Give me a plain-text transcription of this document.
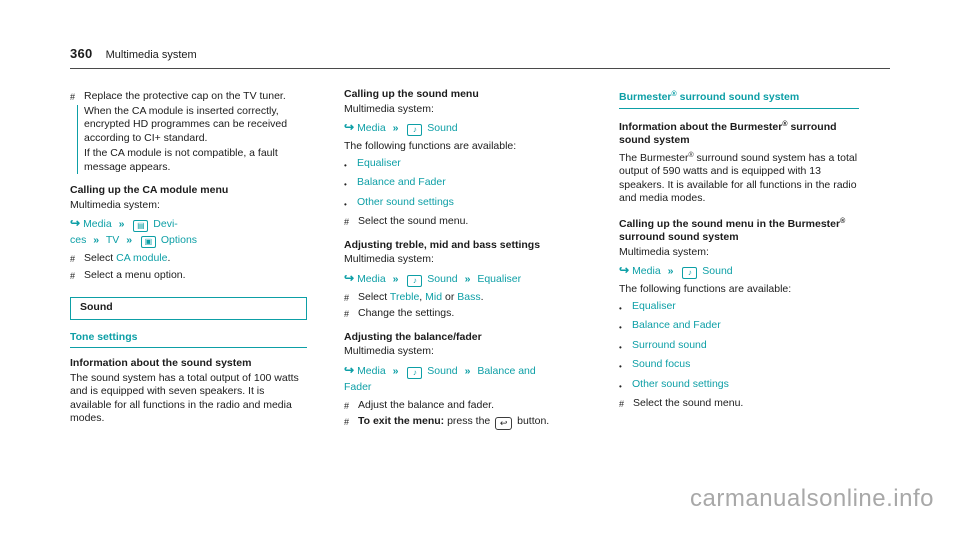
360 Multimedia system
# Replace the protective cap on the TV tuner.
When the CA module is inserted correctly, encrypted HD programmes can be received according to CI+ standard.
If the CA module is not compatible, a fault message appears.
Calling up the CA module menu
Multimedia system:
↪ Media » ▤ Devi-
ces » TV » ▣ Options
# Select CA module.
# Select a menu option.
Sound
Tone settings
Information about the sound system
The sound system has a total output of 100 watts and is equipped with seven speakers. It is available for all functions in the radio and media modes.
Calling up the sound menu
Multimedia system:
↪ Media » ♪ Sound
The following functions are available:
• Equaliser
• Balance and Fader
• Other sound settings
# Select the sound menu.
Adjusting treble, mid and bass settings
Multimedia system:
↪ Media » ♪ Sound » Equaliser
# Select Treble, Mid or Bass.
# Change the settings.
Adjusting the balance/fader
Multimedia system:
↪ Media » ♪ Sound » Balance and
Fader
# Adjust the balance and fader.
# To exit the menu: press the ↩ button.
Burmester® surround sound system
Information about the Burmester® surround sound system
The Burmester® surround sound system has a total output of 590 watts and is equipped with 13 speakers. It is available for all functions in the radio and media modes.
Calling up the sound menu in the Burmester® surround sound system
Multimedia system:
↪ Media » ♪ Sound
The following functions are available:
• Equaliser
• Balance and Fader
• Surround sound
• Sound focus
• Other sound settings
# Select the sound menu.
carmanualsonline.info
